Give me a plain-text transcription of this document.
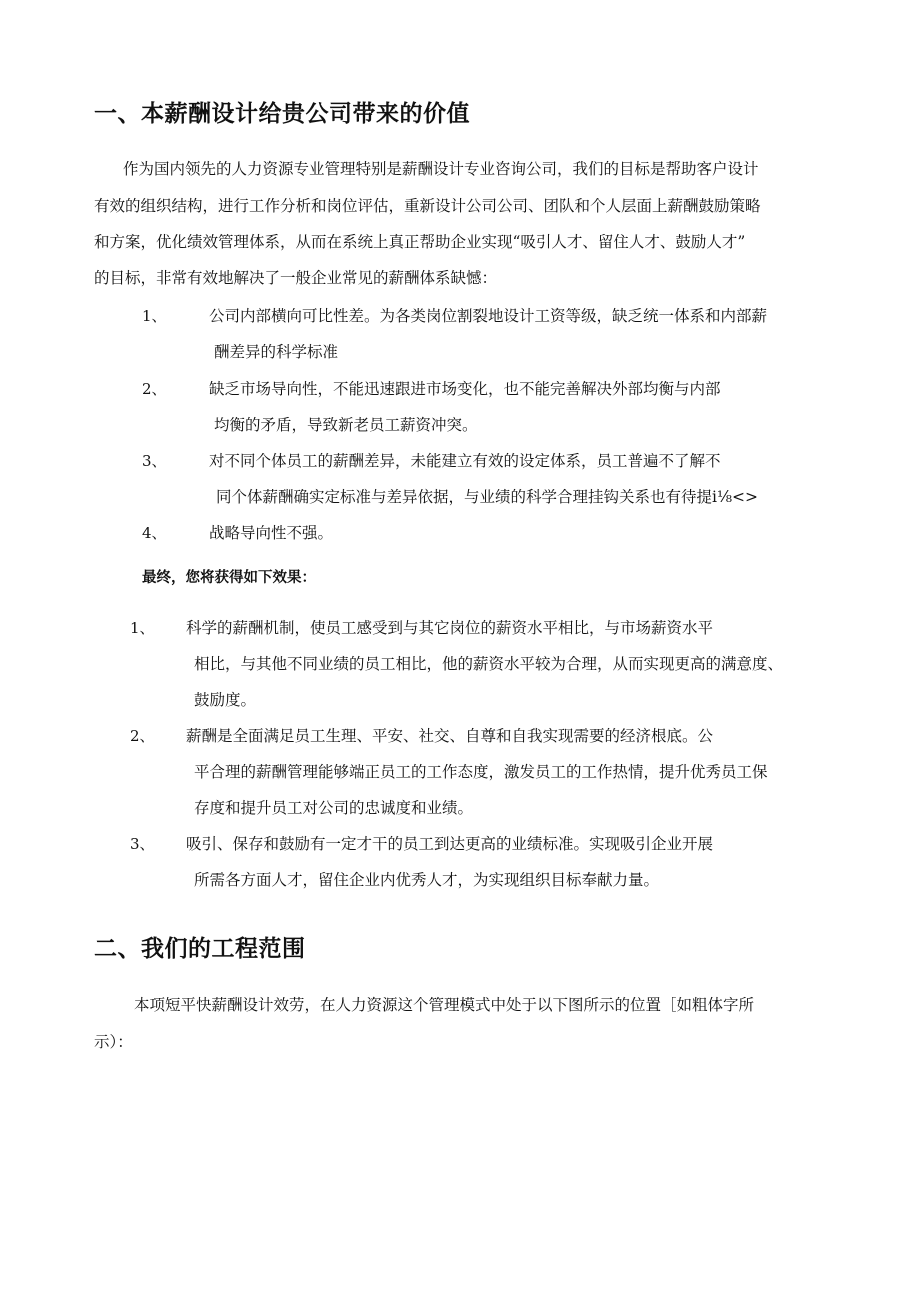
一、本薪酬设计给贵公司带来的价值
作为国内领先的人力资源专业管理特别是薪酬设计专业咨询公司，我们的目标是帮助客户设计
有效的组织结构，进行工作分析和岗位评估，重新设计公司公司、团队和个人层面上薪酬鼓励策略
和方案，优化绩效管理体系，从而在系统上真正帮助企业实现“吸引人才、留住人才、鼓励人才”
的目标，非常有效地解决了一般企业常见的薪酬体系缺憾：
1、	公司内部横向可比性差。为各类岗位割裂地设计工资等级，缺乏统一体系和内部薪
酬差异的科学标准
2、	缺乏市场导向性，不能迅速跟进市场变化，也不能完善解决外部均衡与内部
均衡的矛盾，导致新老员工薪资冲突。
3、	对不同个体员工的薪酬差异，未能建立有效的设定体系，员工普遍不了解不
同个体薪酬确实定标准与差异依据，与业绩的科学合理挂钩关系也有待提i⅛<>
4、	战略导向性不强。
最终，您将获得如下效果：
1、 科学的薪酬机制，使员工感受到与其它岗位的薪资水平相比，与市场薪资水平
相比，与其他不同业绩的员工相比，他的薪资水平较为合理，从而实现更高的满意度、
鼓励度。
2、 薪酬是全面满足员工生理、平安、社交、自尊和自我实现需要的经济根底。公
平合理的薪酬管理能够端正员工的工作态度，激发员工的工作热情，提升优秀员工保
存度和提升员工对公司的忠诚度和业绩。
3、 吸引、保存和鼓励有一定才干的员工到达更高的业绩标准。实现吸引企业开展
所需各方面人才，留住企业内优秀人才，为实现组织目标奉献力量。
二、我们的工程范围
本项短平快薪酬设计效劳，在人力资源这个管理模式中处于以下图所示的位置［如粗体字所
示）：
